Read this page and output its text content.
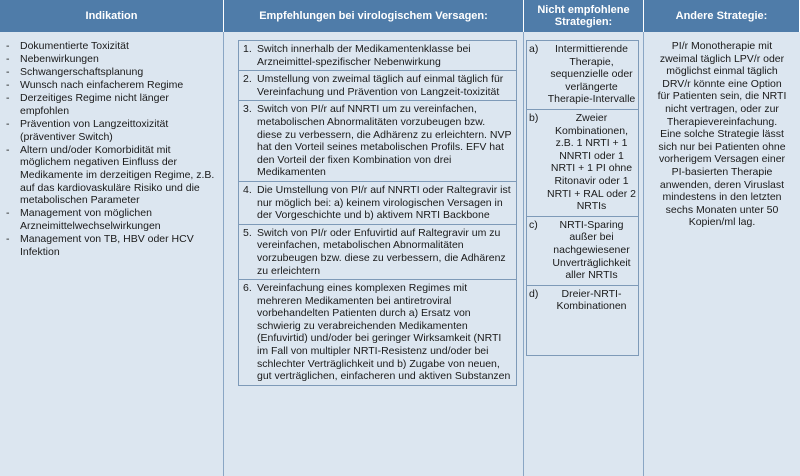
Indikation	Empfehlungen bei virologischem Versagen:	Nicht empfohlene Strategien:	Andere Strategie:
-	Dokumentierte Toxizität
-	Nebenwirkungen
-	Schwangerschaftsplanung
-	Wunsch nach einfacherem Regime
-	Derzeitiges Regime nicht länger empfohlen
-	Prävention von Langzeittoxizität (präventiver Switch)
-	Altern und/oder Komorbidität mit möglichem negativen Einfluss der Medikamente im derzeitigen Regime, z.B. auf das kardiovaskuläre Risiko und die metabolischen Parameter
-	Management von möglichen Arzneimittelwechselwirkungen
-	Management von TB, HBV oder HCV Infektion
1. Switch innerhalb der Medikamentenklasse bei Arzneimittel-spezifischer Nebenwirkung
2. Umstellung von zweimal täglich auf einmal täglich für Vereinfachung und Prävention von Langzeit-toxizität
3. Switch von PI/r auf NNRTI um zu vereinfachen, metabolischen Abnormalitäten vorzubeugen bzw. diese zu verbessern, die Adhärenz zu erleichtern. NVP hat den Vorteil seines metabolischen Profils. EFV hat den Vorteil der fixen Kombination von drei Medikamenten
4. Die Umstellung von PI/r auf NNRTI oder Raltegravir ist nur möglich bei: a) keinem virologischen Versagen in der Vorgeschichte und b) aktivem NRTI Backbone
5. Switch von PI/r oder Enfuvirtid auf Raltegravir um zu vereinfachen, metabolischen Abnormalitäten vorzubeugen bzw. diese zu verbessern, die Adhärenz zu erleichtern
6. Vereinfachung eines komplexen Regimes mit mehreren Medikamenten bei antiretroviral vorbehandelten Patienten durch a) Ersatz von schwierig zu verabreichenden Medikamenten (Enfuvirtid) und/oder bei geringer Wirksamkeit (NRTI im Fall von multipler NRTI-Resistenz und/oder bei schlechter Verträglichkeit und b) Zugabe von neuen, gut verträglichen, einfacheren und aktiven Substanzen
a)	Intermittierende Therapie, sequenzielle oder verlängerte Therapie-Intervalle
b)	Zweier Kombinationen, z.B. 1 NRTI + 1 NNRTI oder 1 NRTI + 1 PI ohne Ritonavir oder 1 NRTI + RAL oder 2 NRTIs
c)	NRTI-Sparing außer bei nachgewiesener Unverträglichkeit aller NRTIs
d)	Dreier-NRTI-Kombinationen
PI/r Monotherapie mit zweimal täglich LPV/r oder möglichst einmal täglich DRV/r könnte eine Option für Patienten sein, die NRTI nicht vertragen, oder zur Therapievereinfachung. Eine solche Strategie lässt sich nur bei Patienten ohne vorherigem Versagen einer PI-basierten Therapie anwenden, deren Viruslast mindestens in den letzten sechs Monaten unter 50 Kopien/ml lag.
